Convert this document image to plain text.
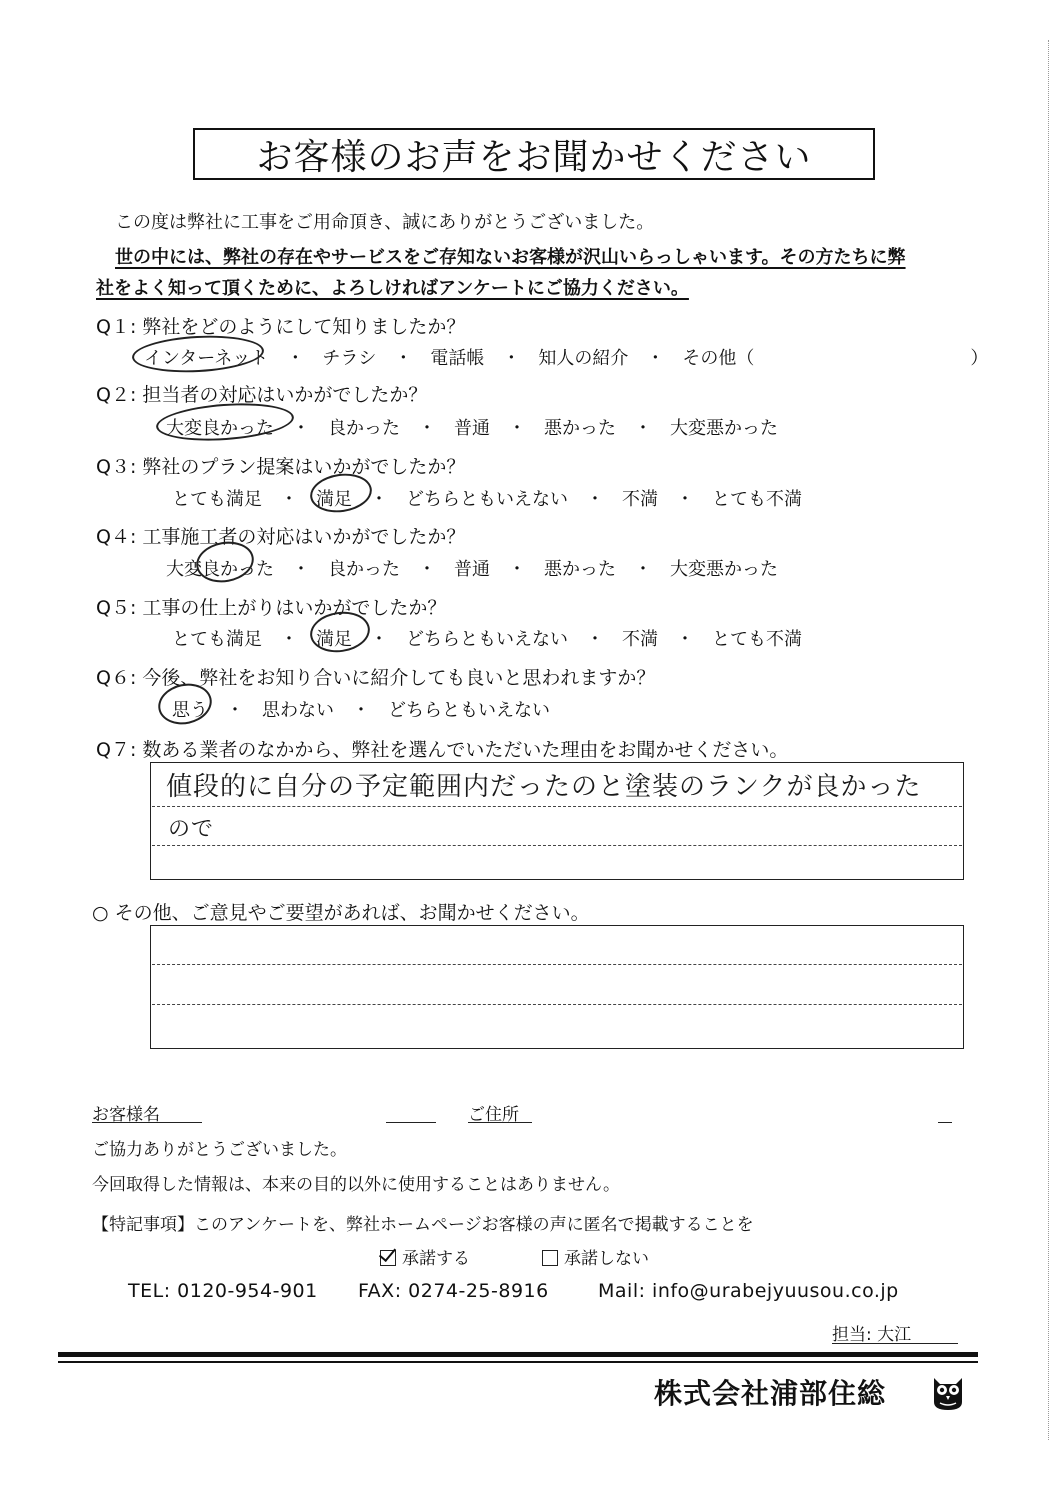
お客様のお声をお聞かせください
この度は弊社に工事をご用命頂き、誠にありがとうございました。
世の中には、弊社の存在やサービスをご存知ないお客様が沢山いらっしゃいます。その方たちに弊
社をよく知って頂くために、よろしければアンケートにご協力ください。
Q１: 弊社をどのようにして知りましたか？
インターネット　・　チラシ　・　電話帳　・　知人の紹介　・　その他（　　　　　　　　　　　　）
Q２: 担当者の対応はいかがでしたか？
大変良かった　・　良かった　・　普通　・　悪かった　・　大変悪かった
Q３: 弊社のプラン提案はいかがでしたか？
とても満足　・　満足　・　どちらともいえない　・　不満　・　とても不満
Q４: 工事施工者の対応はいかがでしたか？
大変良かった　・　良かった　・　普通　・　悪かった　・　大変悪かった
Q５: 工事の仕上がりはいかがでしたか？
とても満足　・　満足　・　どちらともいえない　・　不満　・　とても不満
Q６: 今後、弊社をお知り合いに紹介しても良いと思われますか？
思う　・　思わない　・　どちらともいえない
Q７: 数ある業者のなかから、弊社を選んでいただいた理由をお聞かせください。
値段的に自分の予定範囲内だったのと塗装のランクが良かった
ので
○ その他、ご意見やご要望があれば、お聞かせください。
お客様名	ご住所
ご協力ありがとうございました。
今回取得した情報は、本来の目的以外に使用することはありません。
【特記事項】このアンケートを、弊社ホームページお客様の声に匿名で掲載することを
承諾する	承諾しない
TEL: 0120-954-901 FAX: 0274-25-8916	Mail: info@urabejyuusou.co.jp
担当: 大江
株式会社浦部住総
